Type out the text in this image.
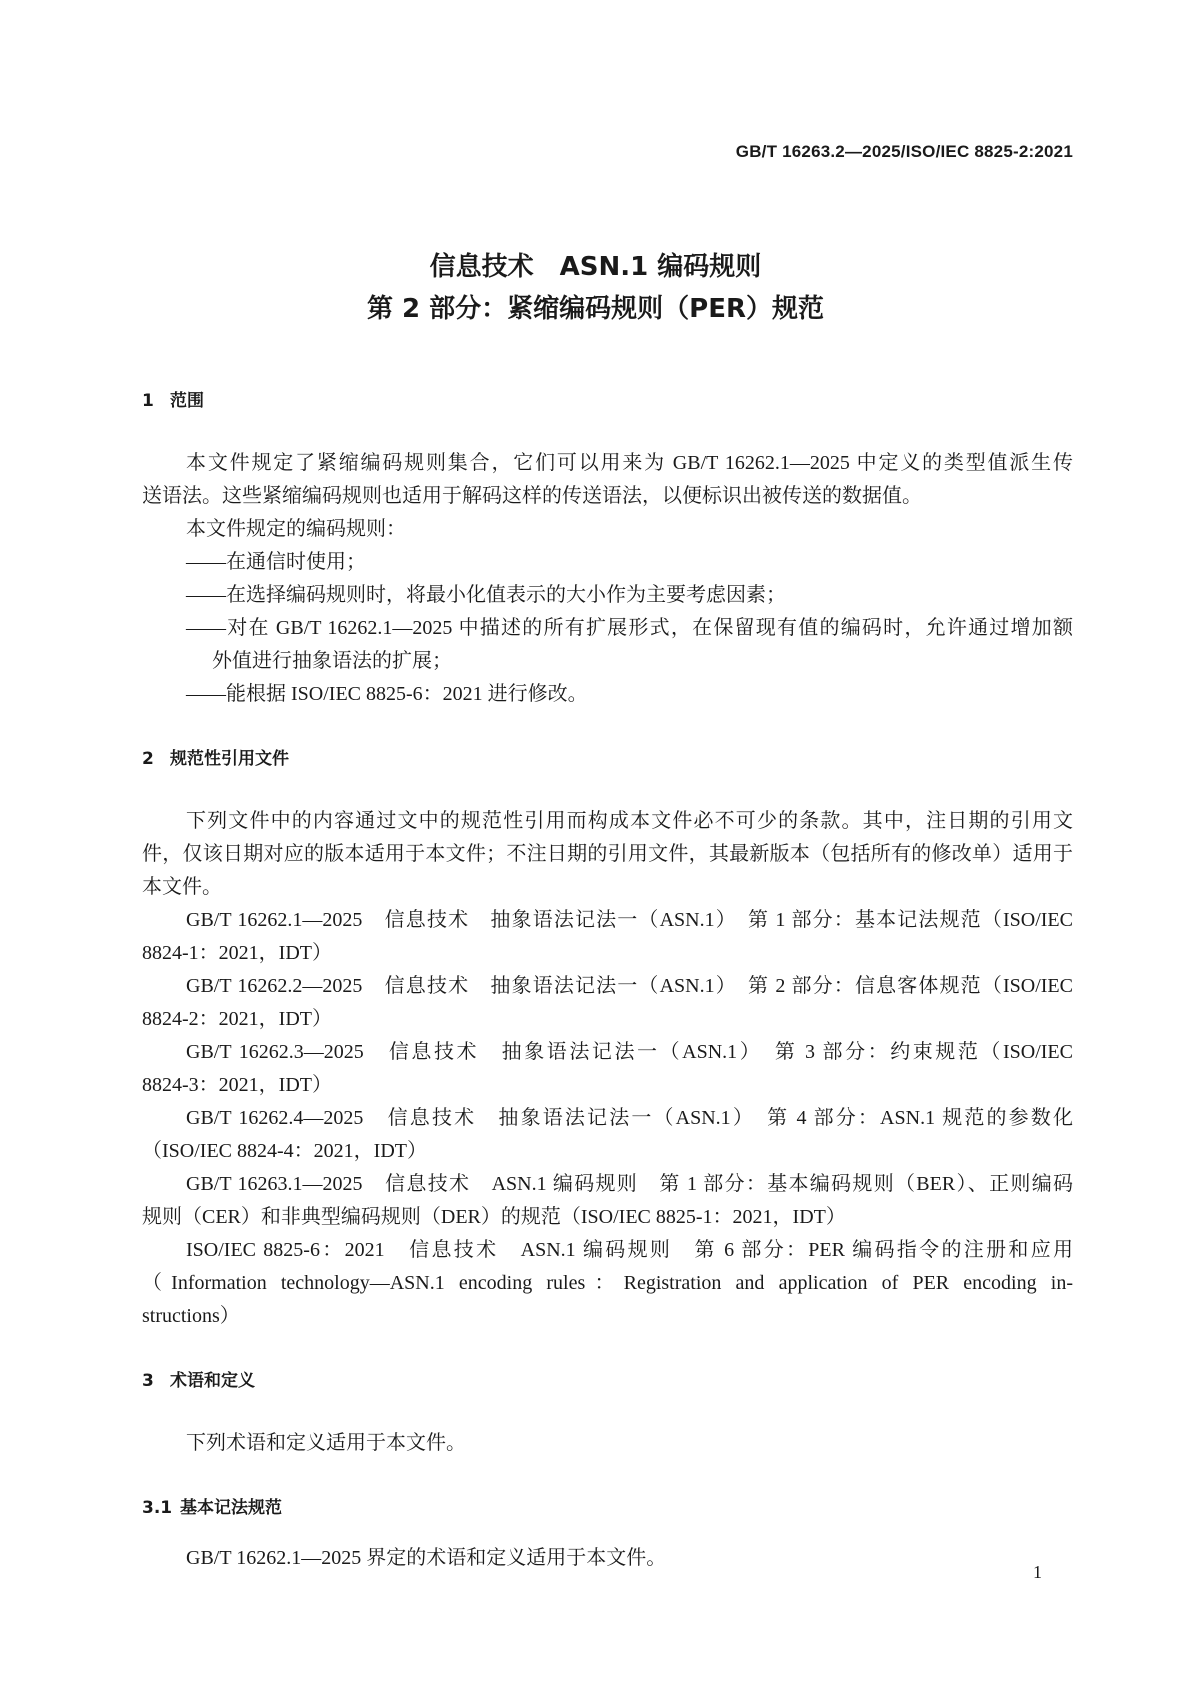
GB/T 16263.2—2025/ISO/IEC 8825-2:2021
信息技术　ASN.1 编码规则
第 2 部分：紧缩编码规则（PER）规范
1 范围
本文件规定了紧缩编码规则集合，它们可以用来为 GB/T 16262.1—2025 中定义的类型值派生传
送语法。这些紧缩编码规则也适用于解码这样的传送语法，以便标识出被传送的数据值。
本文件规定的编码规则：
——在通信时使用；
——在选择编码规则时，将最小化值表示的大小作为主要考虑因素；
——对在 GB/T 16262.1—2025 中描述的所有扩展形式，在保留现有值的编码时，允许通过增加额
外值进行抽象语法的扩展；
——能根据 ISO/IEC 8825-6：2021 进行修改。
2 规范性引用文件
下列文件中的内容通过文中的规范性引用而构成本文件必不可少的条款。其中，注日期的引用文
件，仅该日期对应的版本适用于本文件；不注日期的引用文件，其最新版本（包括所有的修改单）适用于
本文件。
GB/T 16262.1—2025　信息技术　抽象语法记法一（ASN.1）　第 1 部分：基本记法规范（ISO/IEC
8824-1：2021，IDT）
GB/T 16262.2—2025　信息技术　抽象语法记法一（ASN.1）　第 2 部分：信息客体规范（ISO/IEC
8824-2：2021，IDT）
GB/T 16262.3—2025　信息技术　抽象语法记法一（ASN.1）　第 3 部分：约束规范（ISO/IEC
8824-3：2021，IDT）
GB/T 16262.4—2025　信息技术　抽象语法记法一（ASN.1）　第 4 部分：ASN.1 规范的参数化
（ISO/IEC 8824-4：2021，IDT）
GB/T 16263.1—2025　信息技术　ASN.1 编码规则　第 1 部分：基本编码规则（BER）、正则编码
规则（CER）和非典型编码规则（DER）的规范（ISO/IEC 8825-1：2021，IDT）
ISO/IEC 8825-6：2021　信息技术　ASN.1 编码规则　第 6 部分：PER 编码指令的注册和应用
（Information technology—ASN.1 encoding rules：Registration and application of PER encoding in-
structions）
3 术语和定义
下列术语和定义适用于本文件。
3.1 基本记法规范
GB/T 16262.1—2025 界定的术语和定义适用于本文件。
1
